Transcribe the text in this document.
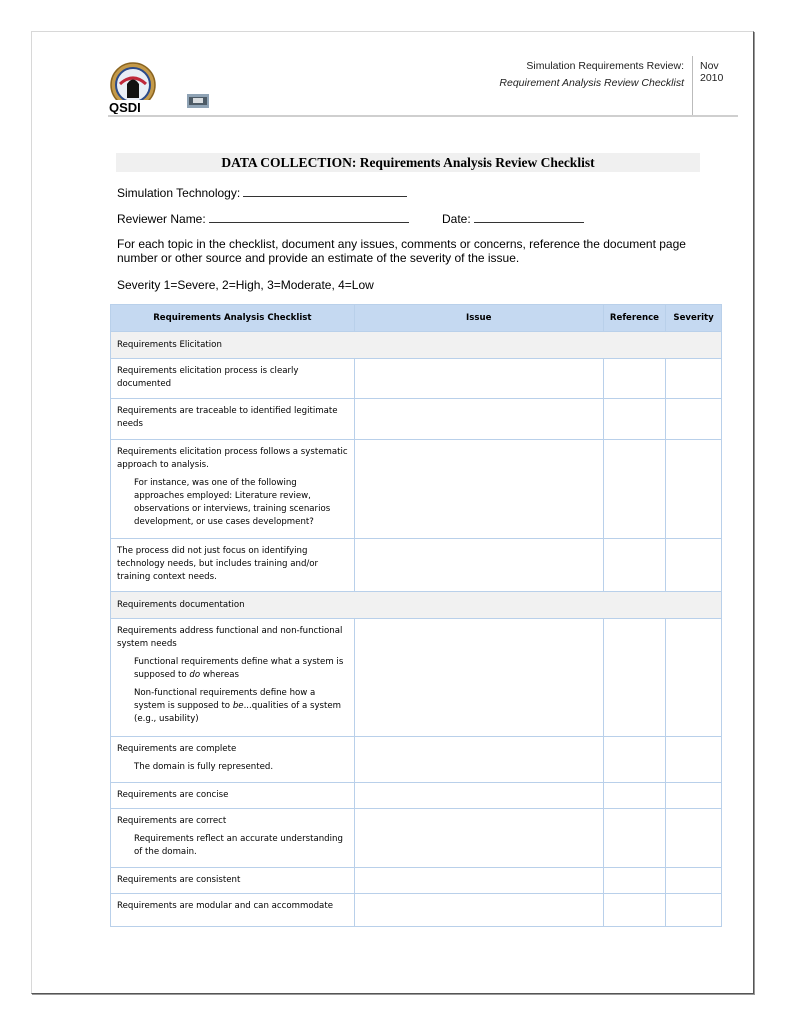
QSDI
Simulation Requirements Review:
Requirement Analysis Review Checklist
Nov
2010
DATA COLLECTION: Requirements Analysis Review Checklist
Simulation Technology:
Reviewer Name:	Date:
For each topic in the checklist, document any issues, comments or concerns, reference the document page number or other source and provide an estimate of the severity of the issue.
Severity 1=Severe, 2=High, 3=Moderate, 4=Low
Requirements Analysis Checklist	Issue	Reference	Severity
Requirements Elicitation			
Requirements elicitation process is clearly documented			
Requirements are traceable to identified legitimate needs			
Requirements elicitation process follows a systematic approach to analysis.
For instance, was one of the following approaches employed: Literature review, observations or interviews, training scenarios development, or use cases development?			

The process did not just focus on identifying technology needs, but includes training and/or training context needs.			
Requirements documentation			
Requirements address functional and non-functional system needs
Functional requirements define what a system is supposed to do whereas
Non-functional requirements define how a system is supposed to be...qualities of a system (e.g., usability)			

Requirements are complete
The domain is fully represented.			

Requirements are concise			
Requirements are correct
Requirements reflect an accurate understanding of the domain.			

Requirements are consistent			
Requirements are modular and can accommodate			
